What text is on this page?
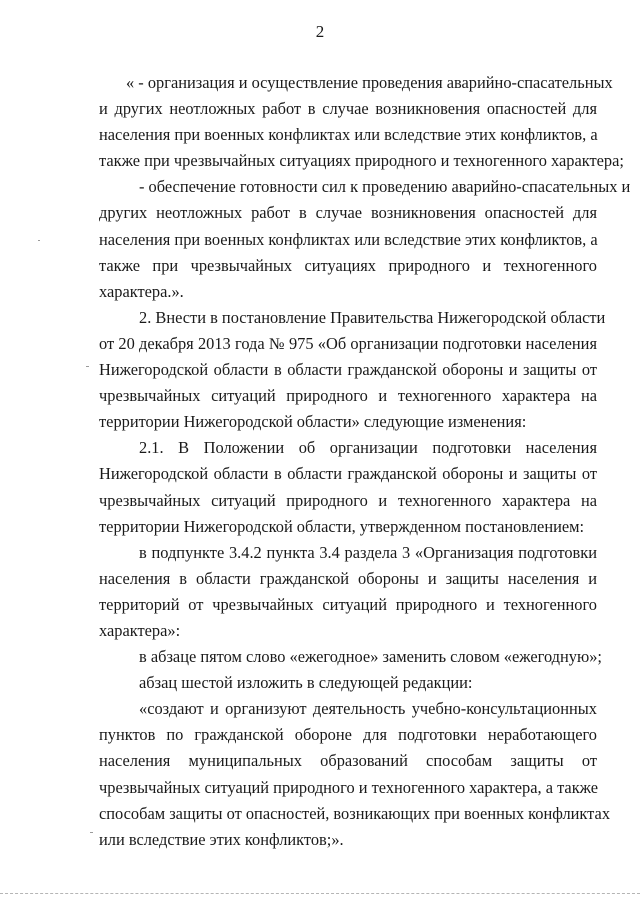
2
« - организация и осуществление проведения аварийно-спасательных
и других неотложных работ в случае возникновения опасностей для
населения при военных конфликтах или вследствие этих конфликтов, а
также при чрезвычайных ситуациях природного и техногенного характера;
- обеспечение готовности сил к проведению аварийно-спасательных и
других неотложных работ в случае возникновения опасностей для
населения при военных конфликтах или вследствие этих конфликтов, а
также при чрезвычайных ситуациях природного и техногенного
характера.».
2. Внести в постановление Правительства Нижегородской области
от 20 декабря 2013 года № 975 «Об организации подготовки населения
Нижегородской области в области гражданской обороны и защиты от
чрезвычайных ситуаций природного и техногенного характера на
территории Нижегородской области» следующие изменения:
2.1. В Положении об организации подготовки населения
Нижегородской области в области гражданской обороны и защиты от
чрезвычайных ситуаций природного и техногенного характера на
территории Нижегородской области, утвержденном постановлением:
в подпункте 3.4.2 пункта 3.4 раздела 3 «Организация подготовки
населения в области гражданской обороны и защиты населения и
территорий от чрезвычайных ситуаций природного и техногенного
характера»:
в абзаце пятом слово «ежегодное» заменить словом «ежегодную»;
абзац шестой изложить в следующей редакции:
«создают и организуют деятельность учебно-консультационных
пунктов по гражданской обороне для подготовки неработающего
населения муниципальных образований способам защиты от
чрезвычайных ситуаций природного и техногенного характера, а также
способам защиты от опасностей, возникающих при военных конфликтах
или вследствие этих конфликтов;».
